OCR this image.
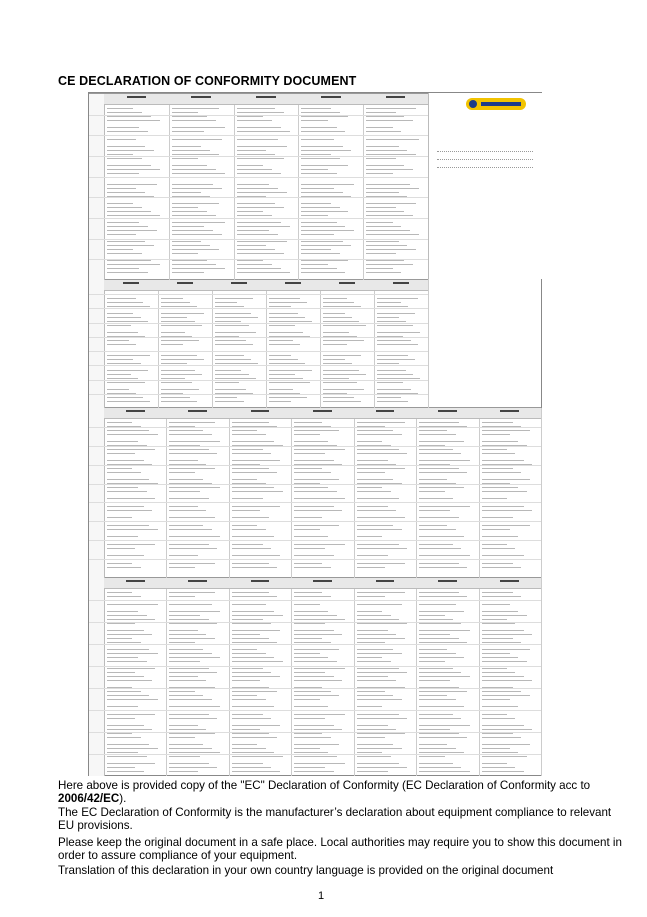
CE DECLARATION OF CONFORMITY DOCUMENT
Here above is provided copy of the "EC" Declaration of Conformity (EC Declaration of Conformity acc to 2006/42/EC).
The EC Declaration of Conformity is the manufacturer’s declaration about equipment compliance to relevant EU provisions.
Please keep the original document in a safe place. Local authorities may require you to show this document in order to assure compliance of your equipment.
Translation of this declaration in your own country language is provided on the original document
1
